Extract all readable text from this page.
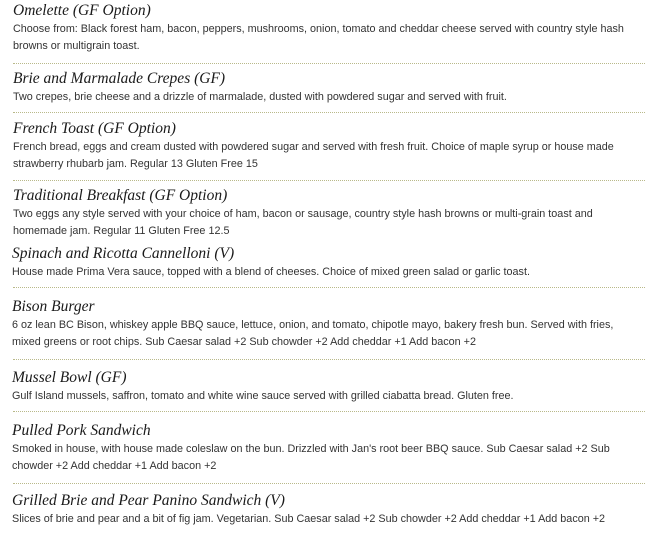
Omelette (GF Option)
Choose from: Black forest ham, bacon, peppers, mushrooms, onion, tomato and cheddar cheese served with country style hash browns or multigrain toast.
Brie and Marmalade Crepes (GF)
Two crepes, brie cheese and a drizzle of marmalade, dusted with powdered sugar and served with fruit.
French Toast (GF Option)
French bread, eggs and cream dusted with powdered sugar and served with fresh fruit. Choice of maple syrup or house made strawberry rhubarb jam. Regular 13 Gluten Free 15
Traditional Breakfast (GF Option)
Two eggs any style served with your choice of ham, bacon or sausage, country style hash browns or multi-grain toast and homemade jam. Regular 11 Gluten Free 12.5
Spinach and Ricotta Cannelloni (V)
House made Prima Vera sauce, topped with a blend of cheeses. Choice of mixed green salad or garlic toast.
Bison Burger
6 oz lean BC Bison, whiskey apple BBQ sauce, lettuce, onion, and tomato, chipotle mayo, bakery fresh bun. Served with fries, mixed greens or root chips. Sub Caesar salad +2 Sub chowder +2 Add cheddar +1 Add bacon +2
Mussel Bowl (GF)
Gulf Island mussels, saffron, tomato and white wine sauce served with grilled ciabatta bread. Gluten free.
Pulled Pork Sandwich
Smoked in house, with house made coleslaw on the bun. Drizzled with Jan's root beer BBQ sauce. Sub Caesar salad +2 Sub chowder +2 Add cheddar +1 Add bacon +2
Grilled Brie and Pear Panino Sandwich (V)
Slices of brie and pear and a bit of fig jam. Vegetarian. Sub Caesar salad +2 Sub chowder +2 Add cheddar +1 Add bacon +2
